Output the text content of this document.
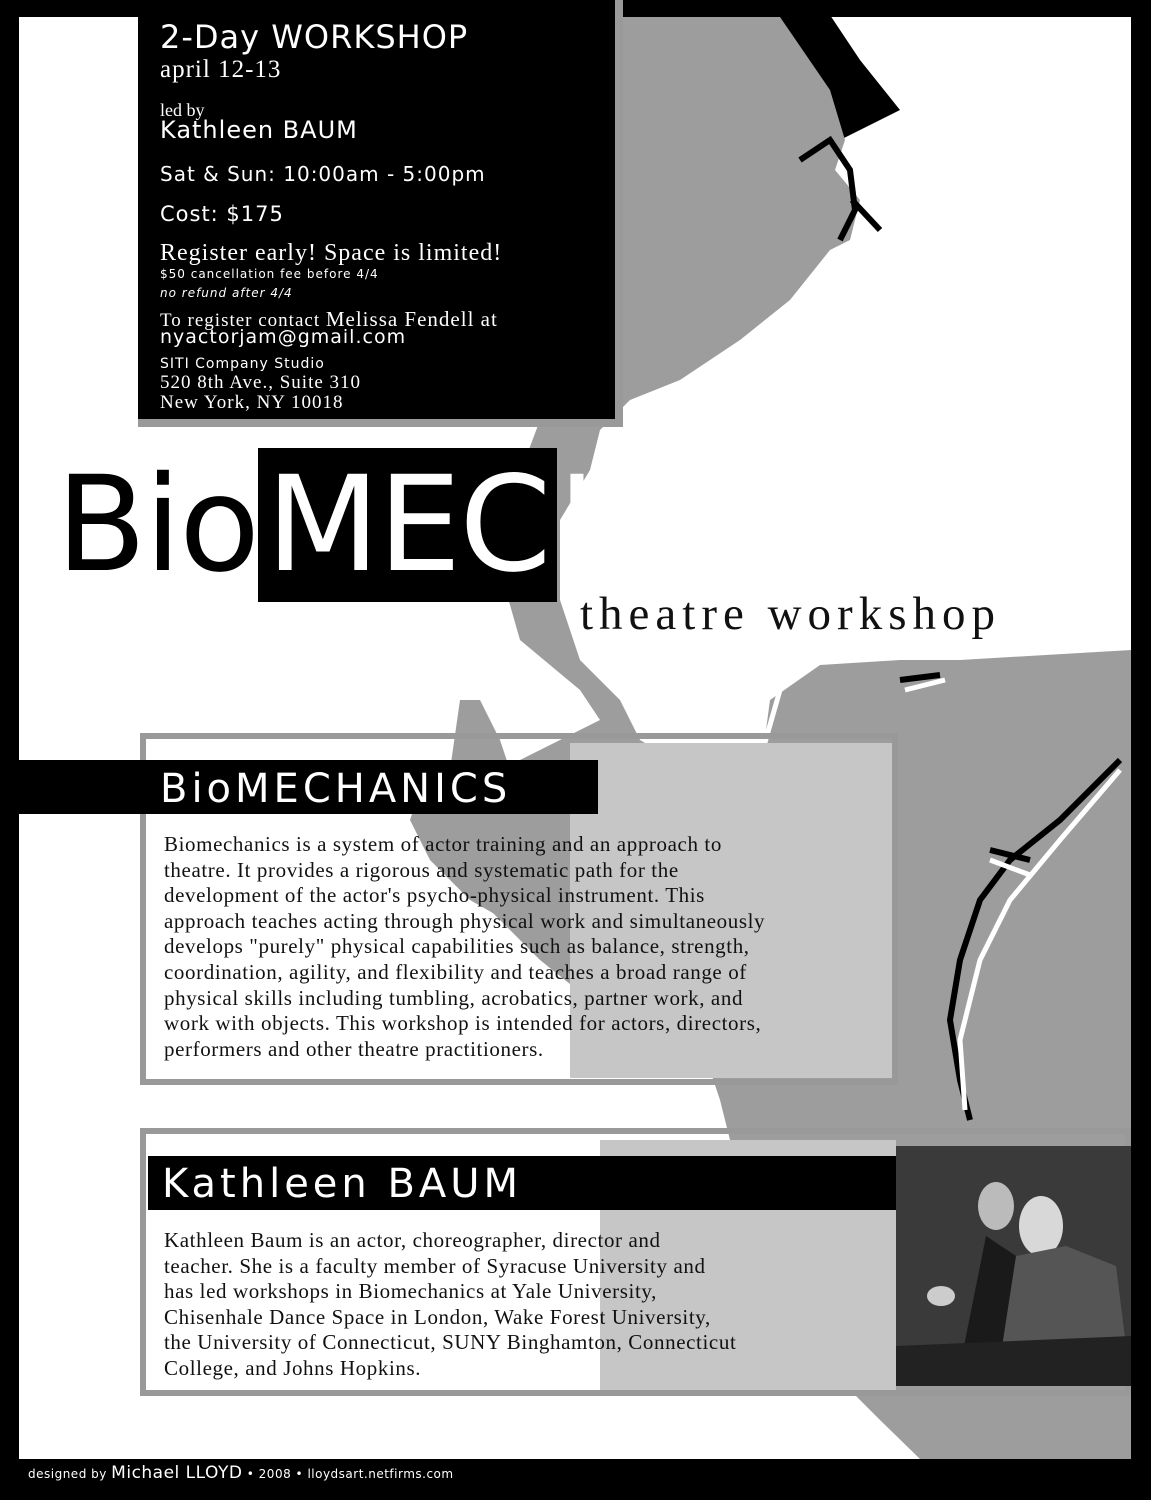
2-Day WORKSHOP
april 12-13
led by
Kathleen BAUM
Sat & Sun: 10:00am - 5:00pm
Cost: $175
Register early! Space is limited!
$50 cancellation fee before 4/4
no refund after 4/4
To register contact Melissa Fendell at
nyactorjam@gmail.com
SITI Company Studio
520 8th Ave., Suite 310
New York, NY 10018
BioMECHANICS
theatre workshop
BioMECHANICS
Biomechanics is a system of actor training and an approach to
theatre. It provides a rigorous and systematic path for the
development of the actor's psycho-physical instrument. This
approach teaches acting through physical work and simultaneously
develops "purely" physical capabilities such as balance, strength,
coordination, agility, and flexibility and teaches a broad range of
physical skills including tumbling, acrobatics, partner work, and
work with objects. This workshop is intended for actors, directors,
performers and other theatre practitioners.
Kathleen BAUM
Kathleen Baum is an actor, choreographer, director and
teacher. She is a faculty member of Syracuse University and
has led workshops in Biomechanics at Yale University,
Chisenhale Dance Space in London, Wake Forest University,
the University of Connecticut, SUNY Binghamton, Connecticut
College, and Johns Hopkins.
designed by Michael LLOYD • 2008 • lloydsart.netfirms.com
